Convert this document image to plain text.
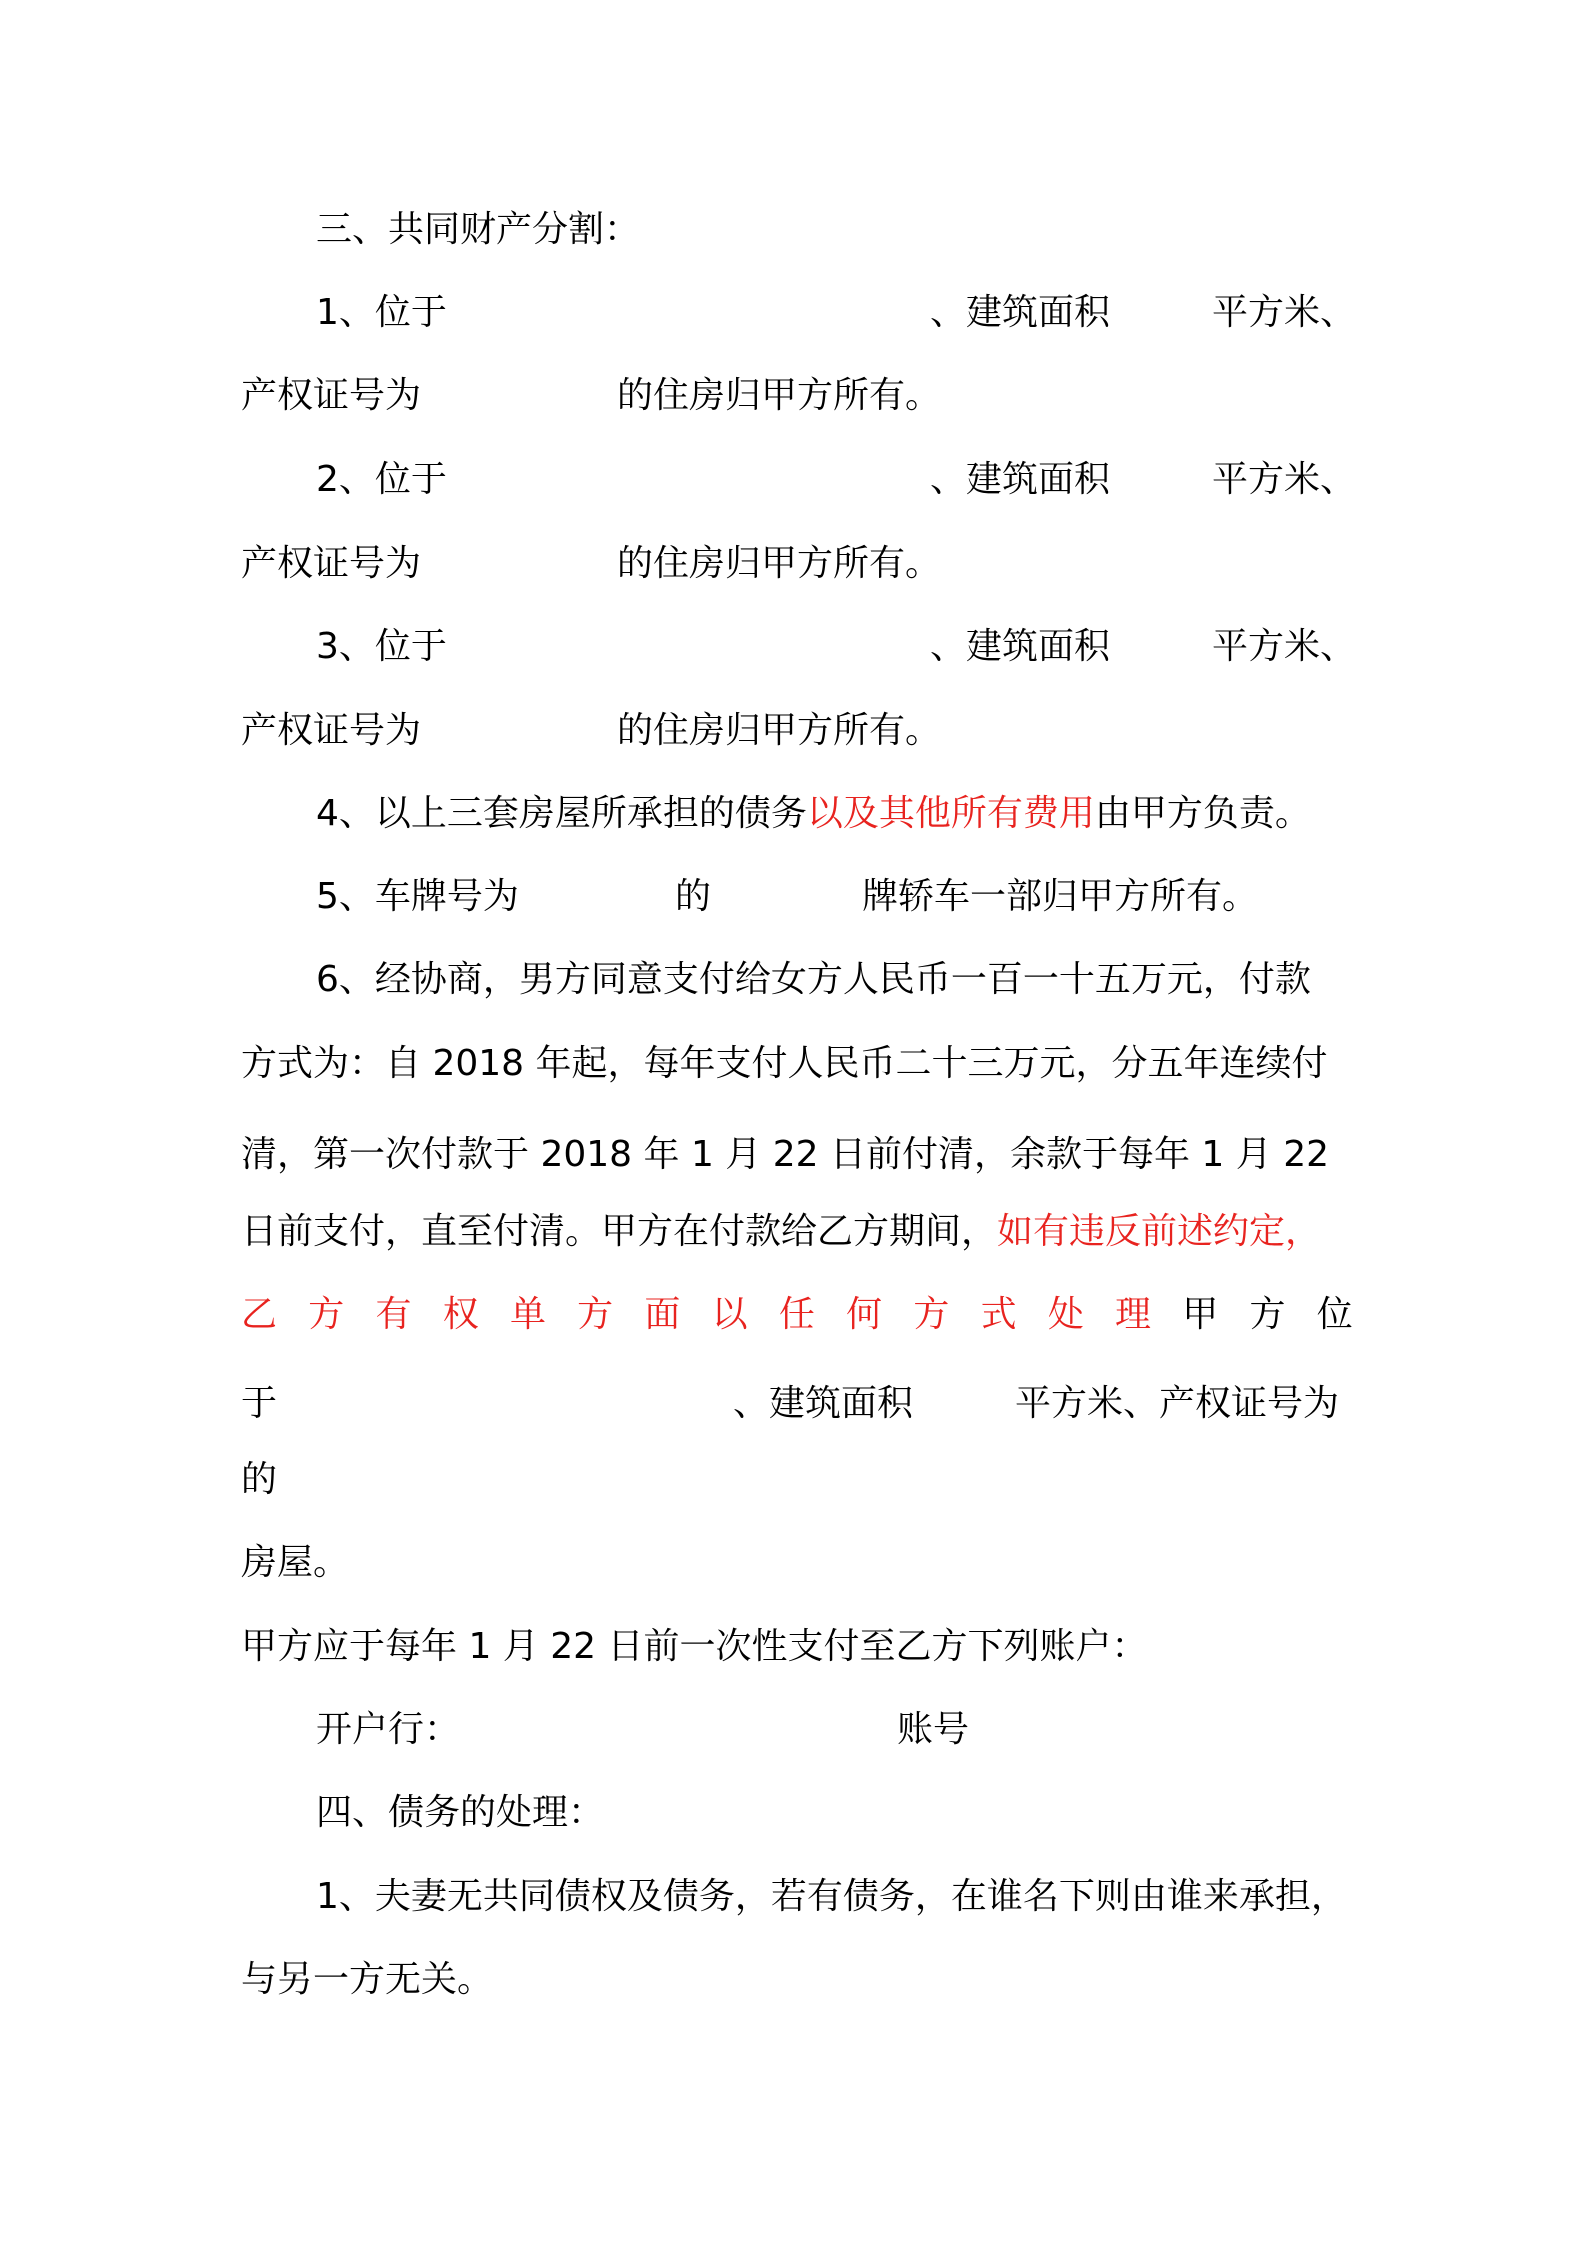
三、共同财产分割：
1、位于	、建筑面积	平方米、
产权证号为	的住房归甲方所有。
2、位于	、建筑面积	平方米、
产权证号为	的住房归甲方所有。
3、位于	、建筑面积	平方米、
产权证号为	的住房归甲方所有。
4、以上三套房屋所承担的债务以及其他所有费用由甲方负责。
5、车牌号为	的	牌轿车一部归甲方所有。
6、经协商，男方同意支付给女方人民币一百一十五万元，付款
方式为：自 2018 年起，每年支付人民币二十三万元，分五年连续付
清，第一次付款于 2018 年 1 月 22 日前付清，余款于每年 1 月 22
日前支付，直至付清。甲方在付款给乙方期间，如有违反前述约定，
乙 方 有 权 单 方 面 以 任 何 方 式 处 理 甲 方 位
于	、建筑面积	平方米、产权证号为
的
房屋。
甲方应于每年 1 月 22 日前一次性支付至乙方下列账户：
开户行：	账号
四、债务的处理：
1、夫妻无共同债权及债务，若有债务，在谁名下则由谁来承担，
与另一方无关。
